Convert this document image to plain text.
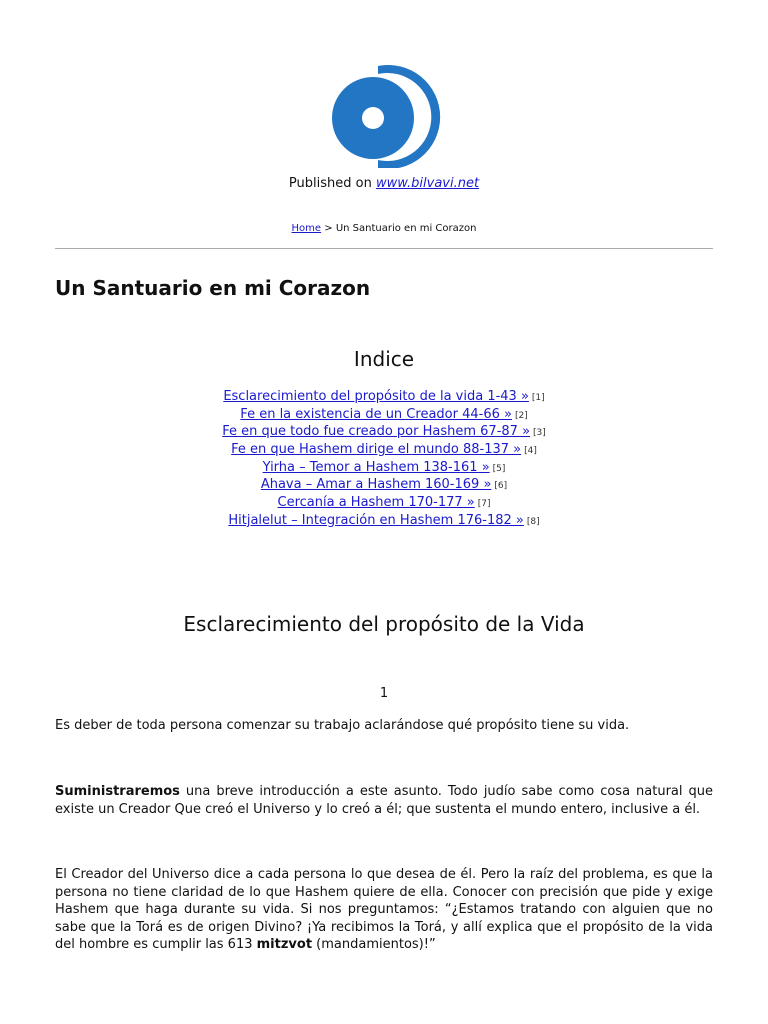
Published on www.bilvavi.net
Home > Un Santuario en mi Corazon
Un Santuario en mi Corazon
Indice
Esclarecimiento del propósito de la vida 1-43 » [1]
Fe en la existencia de un Creador 44-66 » [2]
Fe en que todo fue creado por Hashem 67-87 » [3]
Fe en que Hashem dirige el mundo 88-137 » [4]
Yirha – Temor a Hashem 138-161 » [5]
Ahava – Amar a Hashem 160-169 » [6]
Cercanía a Hashem 170-177 » [7]
Hitjalelut – Integración en Hashem 176-182 » [8]
Esclarecimiento del propósito de la Vida
1

Es deber de toda persona comenzar su trabajo aclarándose qué propósito tiene su vida.

Suministraremos una breve introducción a este asunto. Todo judío sabe como cosa natural que existe un Creador Que creó el Universo y lo creó a él; que sustenta el mundo entero, inclusive a él.

El Creador del Universo dice a cada persona lo que desea de él. Pero la raíz del problema, es que la persona no tiene claridad de lo que Hashem quiere de ella. Conocer con precisión que pide y exige Hashem que haga durante su vida. Si nos preguntamos: “¿Estamos tratando con alguien que no sabe que la Torá es de origen Divino? ¡Ya recibimos la Torá, y allí explica que el propósito de la vida del hombre es cumplir las 613 mitzvot (mandamientos)!”
